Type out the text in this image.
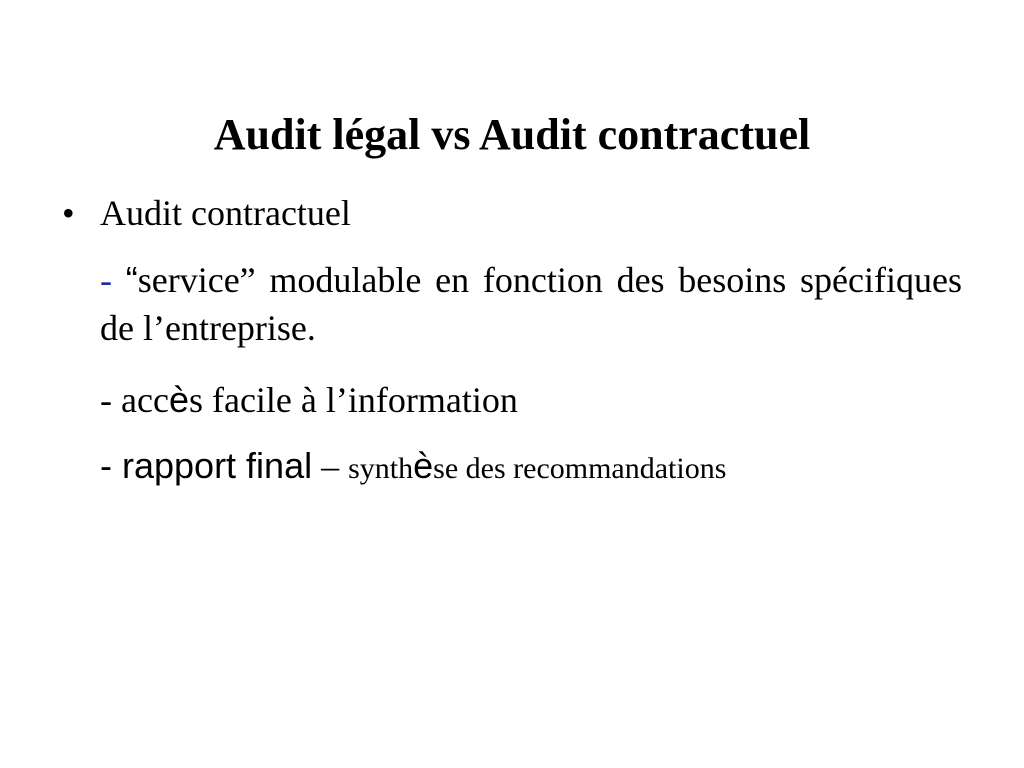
Audit légal vs Audit contractuel
• Audit contractuel
- “service” modulable en fonction des besoins spécifiques de l’entreprise.
- accès facile à l’information
- rapport final – synthèse des recommandations
